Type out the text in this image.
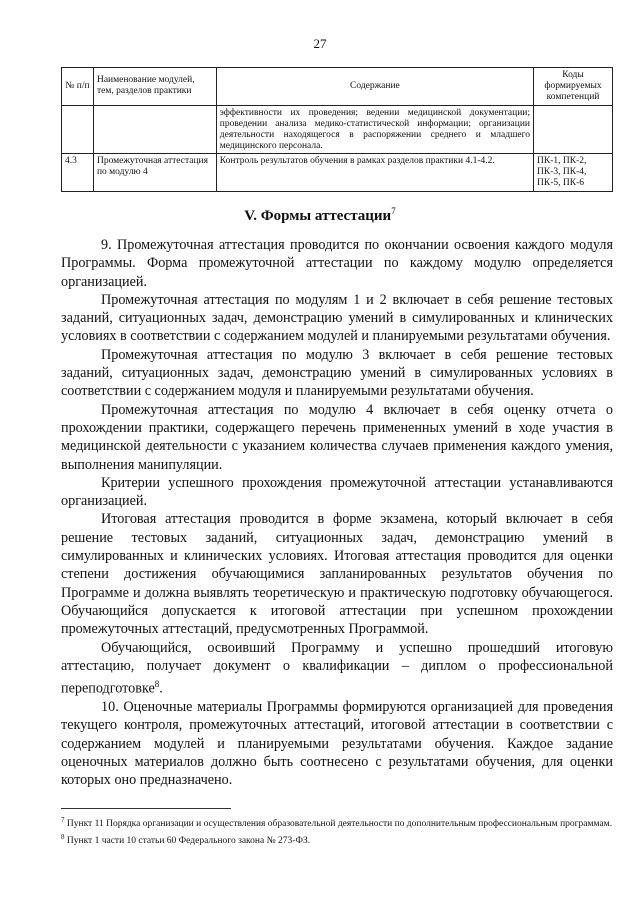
27
№ п/п	Наименование модулей, тем, разделов практики	Содержание	Коды формируемых компетенций
		эффективности их проведения; ведении медицинской документации; проведении анализа медико-статистической информации; организации деятельности находящегося в распоряжении среднего и младшего медицинского персонала.	
4.3	Промежуточная аттестация по модулю 4	Контроль результатов обучения в рамках разделов практики 4.1-4.2.	ПК-1, ПК-2, ПК-3, ПК-4, ПК-5, ПК-6
V. Формы аттестации$^7$

9. Промежуточная аттестация проводится по окончании освоения каждого модуля Программы. Форма промежуточной аттестации по каждому модулю определяется организацией.

Промежуточная аттестация по модулям 1 и 2 включает в себя решение тестовых заданий, ситуационных задач, демонстрацию умений в симулированных и клинических условиях в соответствии с содержанием модулей и планируемыми результатами обучения.

Промежуточная аттестация по модулю 3 включает в себя решение тестовых заданий, ситуационных задач, демонстрацию умений в симулированных условиях в соответствии с содержанием модуля и планируемыми результатами обучения.

Промежуточная аттестация по модулю 4 включает в себя оценку отчета о прохождении практики, содержащего перечень примененных умений в ходе участия в медицинской деятельности с указанием количества случаев применения каждого умения, выполнения манипуляции.

Критерии успешного прохождения промежуточной аттестации устанавливаются организацией.

Итоговая аттестация проводится в форме экзамена, который включает в себя решение тестовых заданий, ситуационных задач, демонстрацию умений в симулированных и клинических условиях. Итоговая аттестация проводится для оценки степени достижения обучающимися запланированных результатов обучения по Программе и должна выявлять теоретическую и практическую подготовку обучающегося. Обучающийся допускается к итоговой аттестации при успешном прохождении промежуточных аттестаций, предусмотренных Программой.

Обучающийся, освоивший Программу и успешно прошедший итоговую аттестацию, получает документ о квалификации – диплом о профессиональной переподготовке$^8$.

10. Оценочные материалы Программы формируются организацией для проведения текущего контроля, промежуточных аттестаций, итоговой аттестации в соответствии с содержанием модулей и планируемыми результатами обучения. Каждое задание оценочных материалов должно быть соотнесено с результатами обучения, для оценки которых оно предназначено.

$^7$ Пункт 11 Порядка организации и осуществления образовательной деятельности по дополнительным профессиональным программам.
$^8$ Пункт 1 части 10 статьи 60 Федерального закона № 273-ФЗ.
